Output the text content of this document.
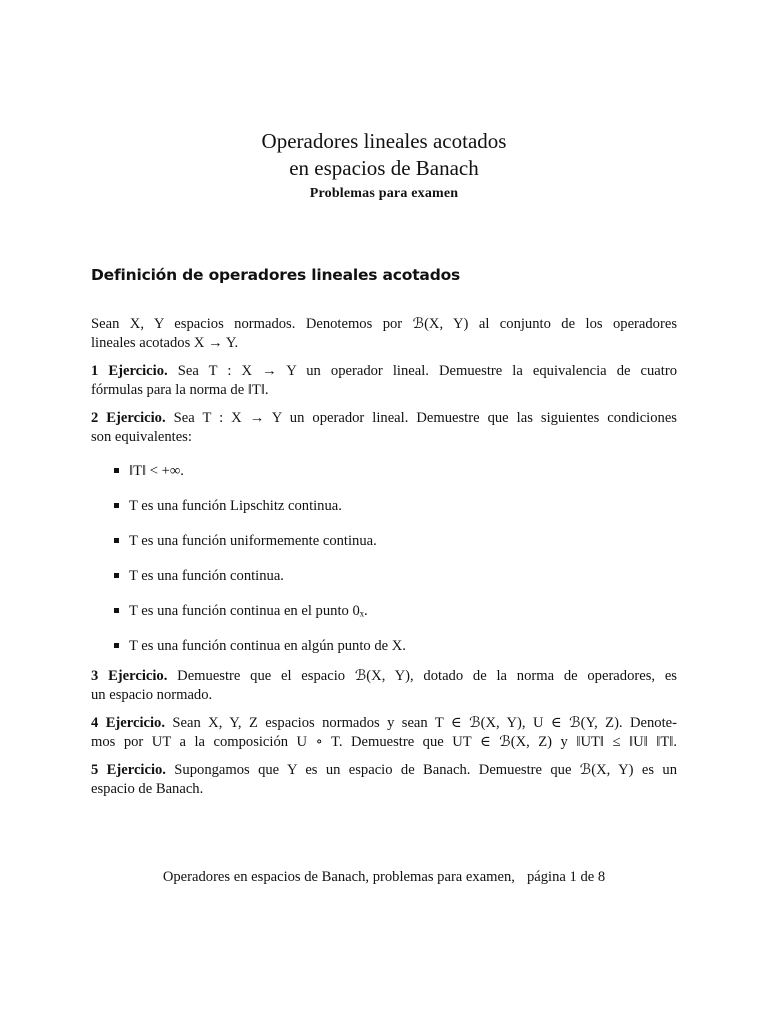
Operadores lineales acotados
en espacios de Banach
Problemas para examen
Definición de operadores lineales acotados
Sean X, Y espacios normados. Denotemos por ℬ(X, Y) al conjunto de los operadores
lineales acotados X → Y.
1 Ejercicio. Sea T : X → Y un operador lineal. Demuestre la equivalencia de cuatro
fórmulas para la norma de ‖T‖.
2 Ejercicio. Sea T : X → Y un operador lineal. Demuestre que las siguientes condiciones
son equivalentes:
‖T‖ < +∞.
T es una función Lipschitz continua.
T es una función uniformemente continua.
T es una función continua.
T es una función continua en el punto 0ₓ.
T es una función continua en algún punto de X.
3 Ejercicio. Demuestre que el espacio ℬ(X, Y), dotado de la norma de operadores, es
un espacio normado.
4 Ejercicio. Sean X, Y, Z espacios normados y sean T ∈ ℬ(X, Y), U ∈ ℬ(Y, Z). Denote-
mos por UT a la composición U ∘ T. Demuestre que UT ∈ ℬ(X, Z) y ‖UT‖ ≤ ‖U‖ ‖T‖.
5 Ejercicio. Supongamos que Y es un espacio de Banach. Demuestre que ℬ(X, Y) es un
espacio de Banach.
Operadores en espacios de Banach, problemas para examen, página 1 de 8
